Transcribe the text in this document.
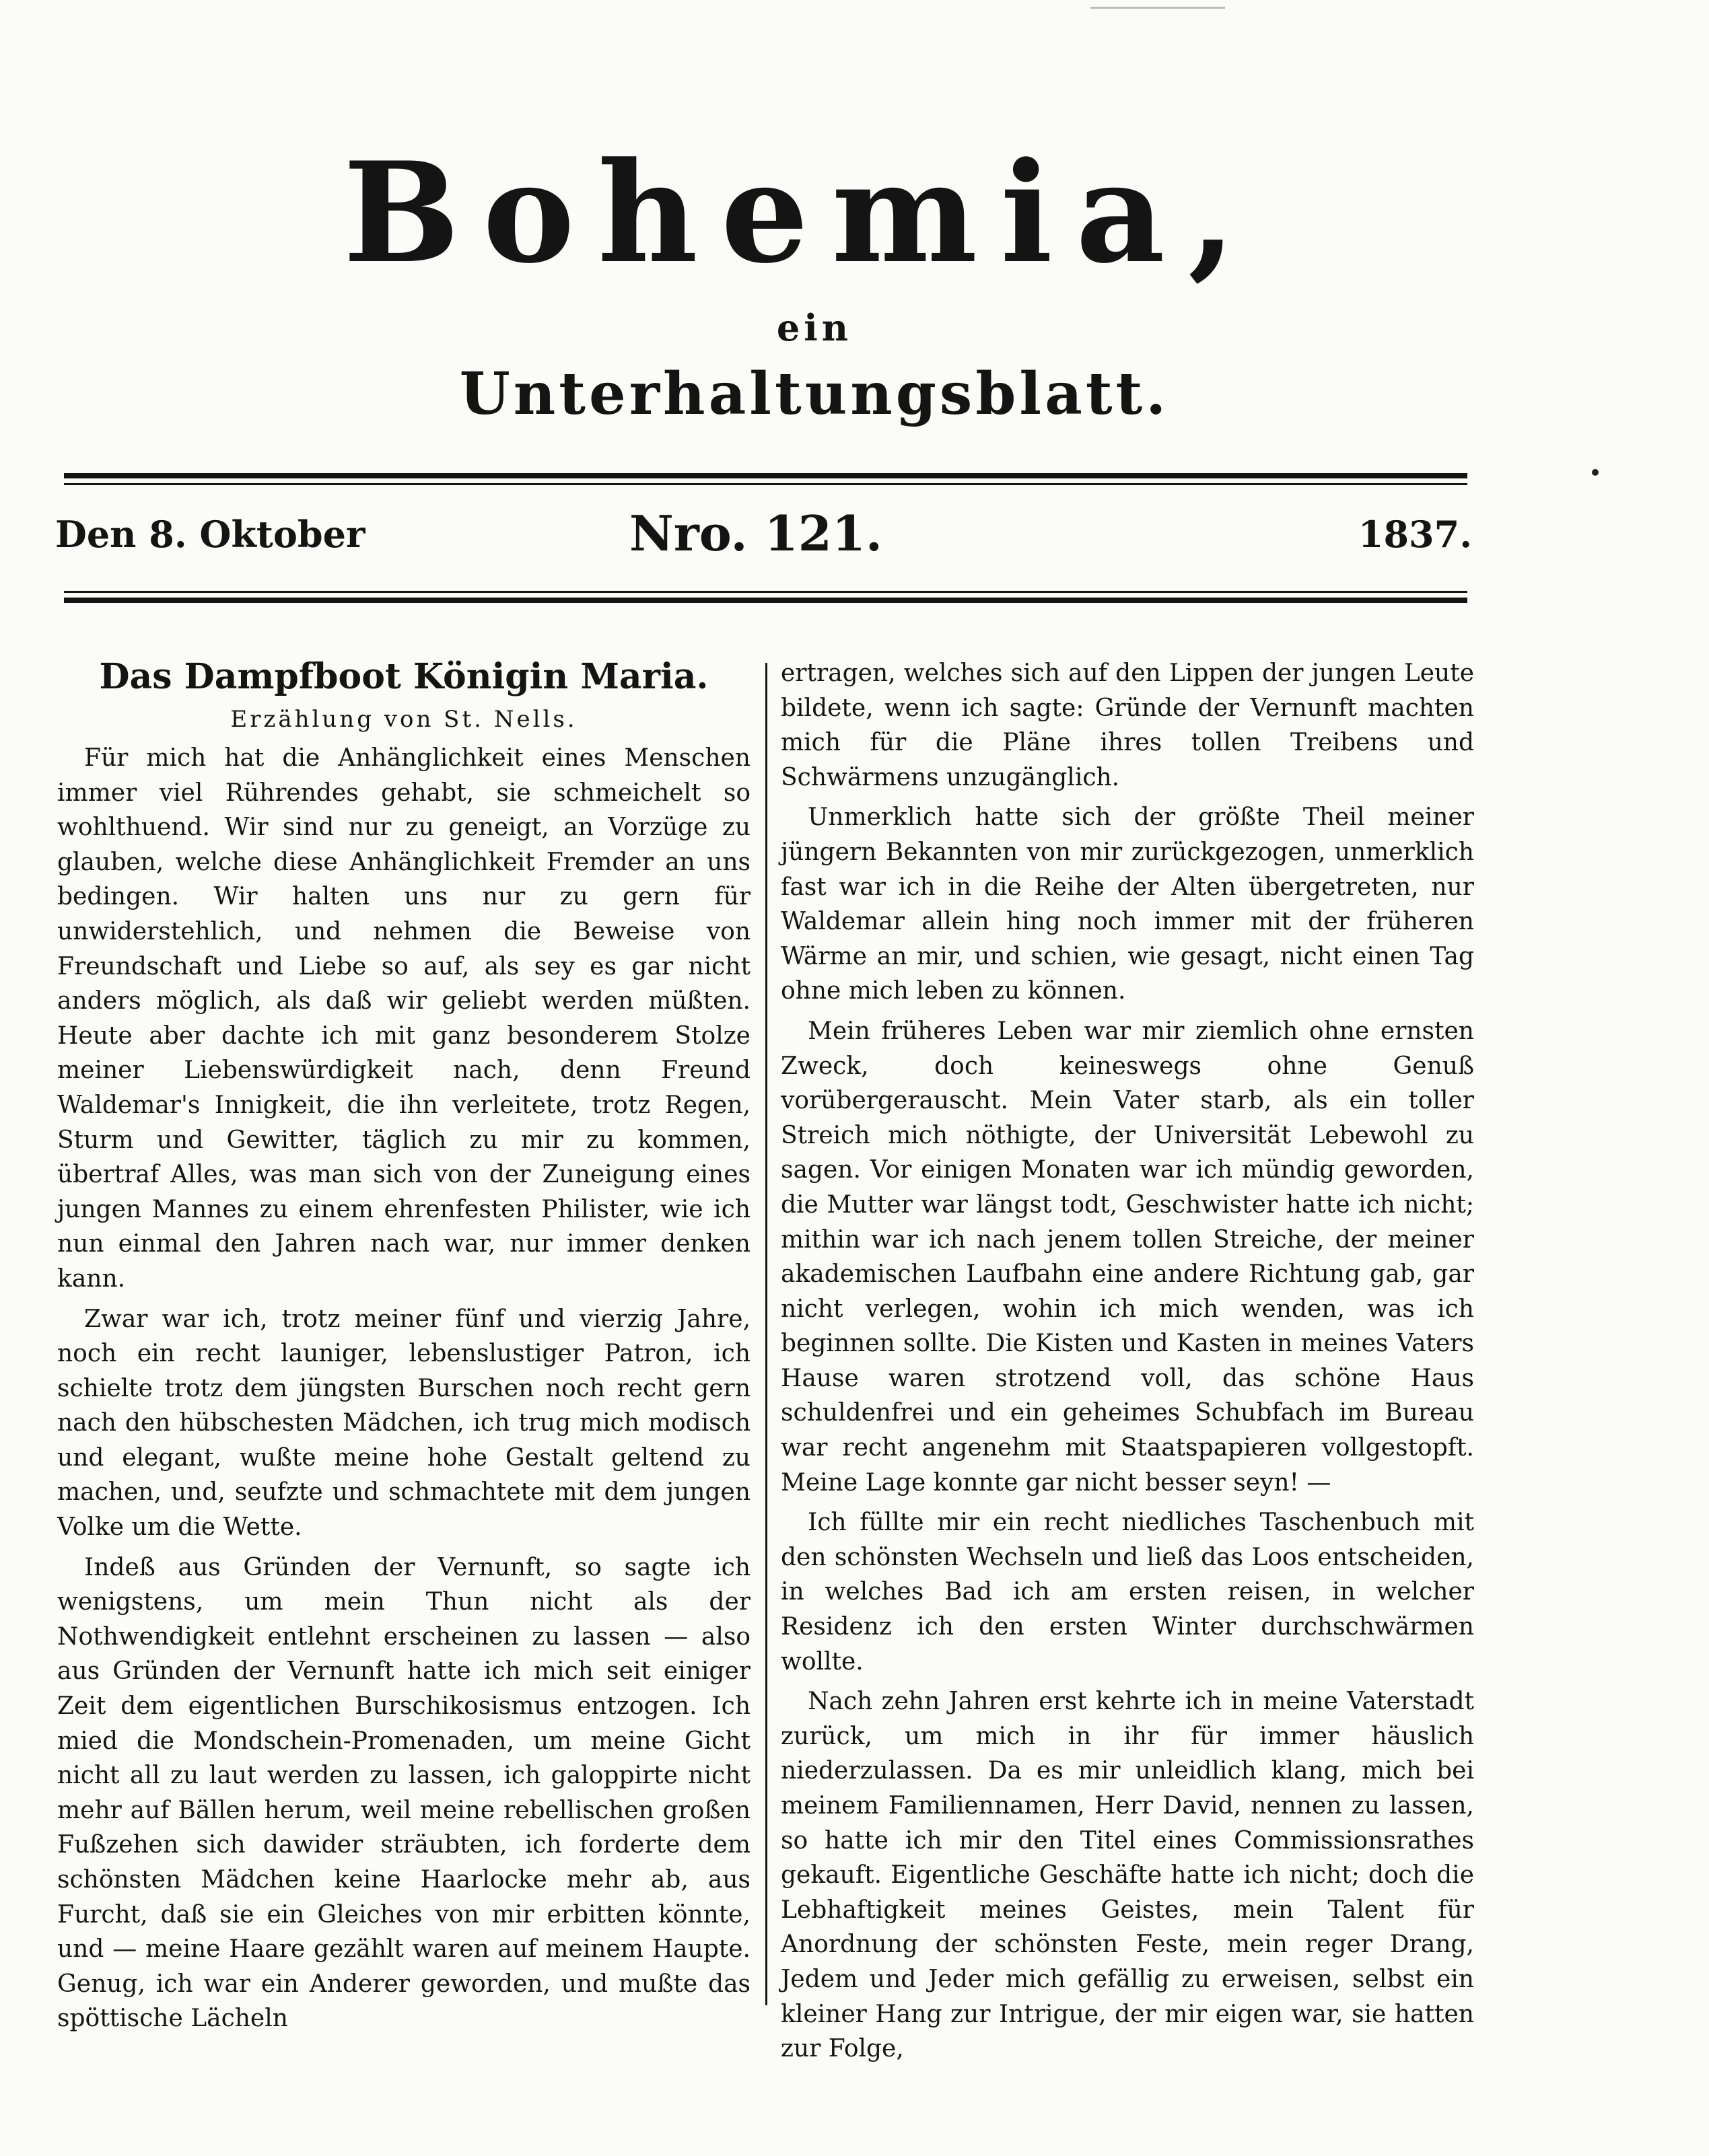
Bohemia,
ein
Unterhaltungsblatt.
Den 8. Oktober	Nro. 121.	1837.
Das Dampfboot Königin Maria.
Erzählung von St. Nells.

Für mich hat die Anhänglichkeit eines Menschen immer viel Rührendes gehabt, sie schmeichelt so wohlthuend. Wir sind nur zu geneigt, an Vorzüge zu glauben, welche diese Anhänglichkeit Fremder an uns bedingen. Wir halten uns nur zu gern für unwiderstehlich, und nehmen die Beweise von Freundschaft und Liebe so auf, als sey es gar nicht anders möglich, als daß wir geliebt werden müßten. Heute aber dachte ich mit ganz besonderem Stolze meiner Liebenswürdigkeit nach, denn Freund Waldemar's Innigkeit, die ihn verleitete, trotz Regen, Sturm und Gewitter, täglich zu mir zu kommen, übertraf Alles, was man sich von der Zuneigung eines jungen Mannes zu einem ehrenfesten Philister, wie ich nun einmal den Jahren nach war, nur immer denken kann.

Zwar war ich, trotz meiner fünf und vierzig Jahre, noch ein recht launiger, lebenslustiger Patron, ich schielte trotz dem jüngsten Burschen noch recht gern nach den hübschesten Mädchen, ich trug mich modisch und elegant, wußte meine hohe Gestalt geltend zu machen, und, seufzte und schmachtete mit dem jungen Volke um die Wette.

Indeß aus Gründen der Vernunft, so sagte ich wenigstens, um mein Thun nicht als der Nothwendigkeit entlehnt erscheinen zu lassen — also aus Gründen der Vernunft hatte ich mich seit einiger Zeit dem eigentlichen Burschikosismus entzogen. Ich mied die Mondschein-Promenaden, um meine Gicht nicht all zu laut werden zu lassen, ich galoppirte nicht mehr auf Bällen herum, weil meine rebellischen großen Fußzehen sich dawider sträubten, ich forderte dem schönsten Mädchen keine Haarlocke mehr ab, aus Furcht, daß sie ein Gleiches von mir erbitten könnte, und — meine Haare gezählt waren auf meinem Haupte. Genug, ich war ein Anderer geworden, und mußte das spöttische Lächeln

ertragen, welches sich auf den Lippen der jungen Leute bildete, wenn ich sagte: Gründe der Vernunft machten mich für die Pläne ihres tollen Treibens und Schwärmens unzugänglich.

Unmerklich hatte sich der größte Theil meiner jüngern Bekannten von mir zurückgezogen, unmerklich fast war ich in die Reihe der Alten übergetreten, nur Waldemar allein hing noch immer mit der früheren Wärme an mir, und schien, wie gesagt, nicht einen Tag ohne mich leben zu können.

Mein früheres Leben war mir ziemlich ohne ernsten Zweck, doch keineswegs ohne Genuß vorübergerauscht. Mein Vater starb, als ein toller Streich mich nöthigte, der Universität Lebewohl zu sagen. Vor einigen Monaten war ich mündig geworden, die Mutter war längst todt, Geschwister hatte ich nicht; mithin war ich nach jenem tollen Streiche, der meiner akademischen Laufbahn eine andere Richtung gab, gar nicht verlegen, wohin ich mich wenden, was ich beginnen sollte. Die Kisten und Kasten in meines Vaters Hause waren strotzend voll, das schöne Haus schuldenfrei und ein geheimes Schubfach im Bureau war recht angenehm mit Staatspapieren vollgestopft. Meine Lage konnte gar nicht besser seyn! —

Ich füllte mir ein recht niedliches Taschenbuch mit den schönsten Wechseln und ließ das Loos entscheiden, in welches Bad ich am ersten reisen, in welcher Residenz ich den ersten Winter durchschwärmen wollte.

Nach zehn Jahren erst kehrte ich in meine Vaterstadt zurück, um mich in ihr für immer häuslich niederzulassen. Da es mir unleidlich klang, mich bei meinem Familiennamen, Herr David, nennen zu lassen, so hatte ich mir den Titel eines Commissionsrathes gekauft. Eigentliche Geschäfte hatte ich nicht; doch die Lebhaftigkeit meines Geistes, mein Talent für Anordnung der schönsten Feste, mein reger Drang, Jedem und Jeder mich gefällig zu erweisen, selbst ein kleiner Hang zur Intrigue, der mir eigen war, sie hatten zur Folge,
